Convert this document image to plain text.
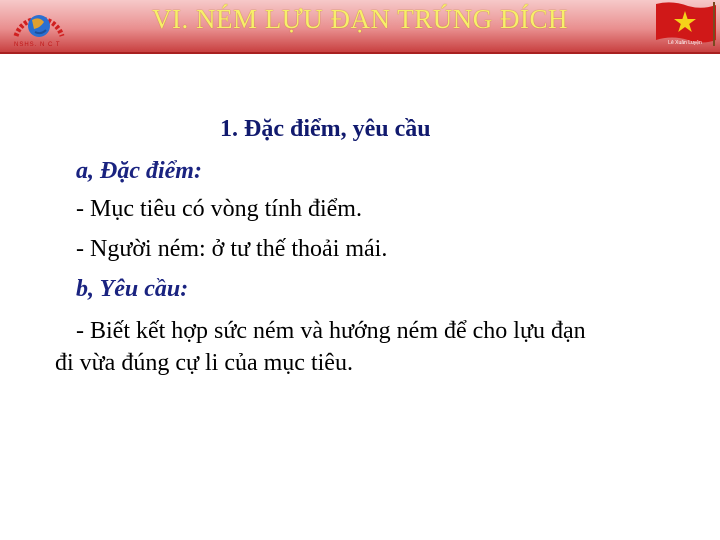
NSHS. N C T
VI. NÉM LỰU ĐẠN TRÚNG ĐÍCH
Lê Xuân Luyện
1. Đặc điểm, yêu cầu
a, Đặc điểm:
- Mục tiêu có vòng tính điểm.
- Người ném: ở tư thế thoải mái.
b, Yêu cầu:
- Biết kết hợp sức ném và hướng ném để cho lựu đạn
đi vừa đúng cự li của mục tiêu.
